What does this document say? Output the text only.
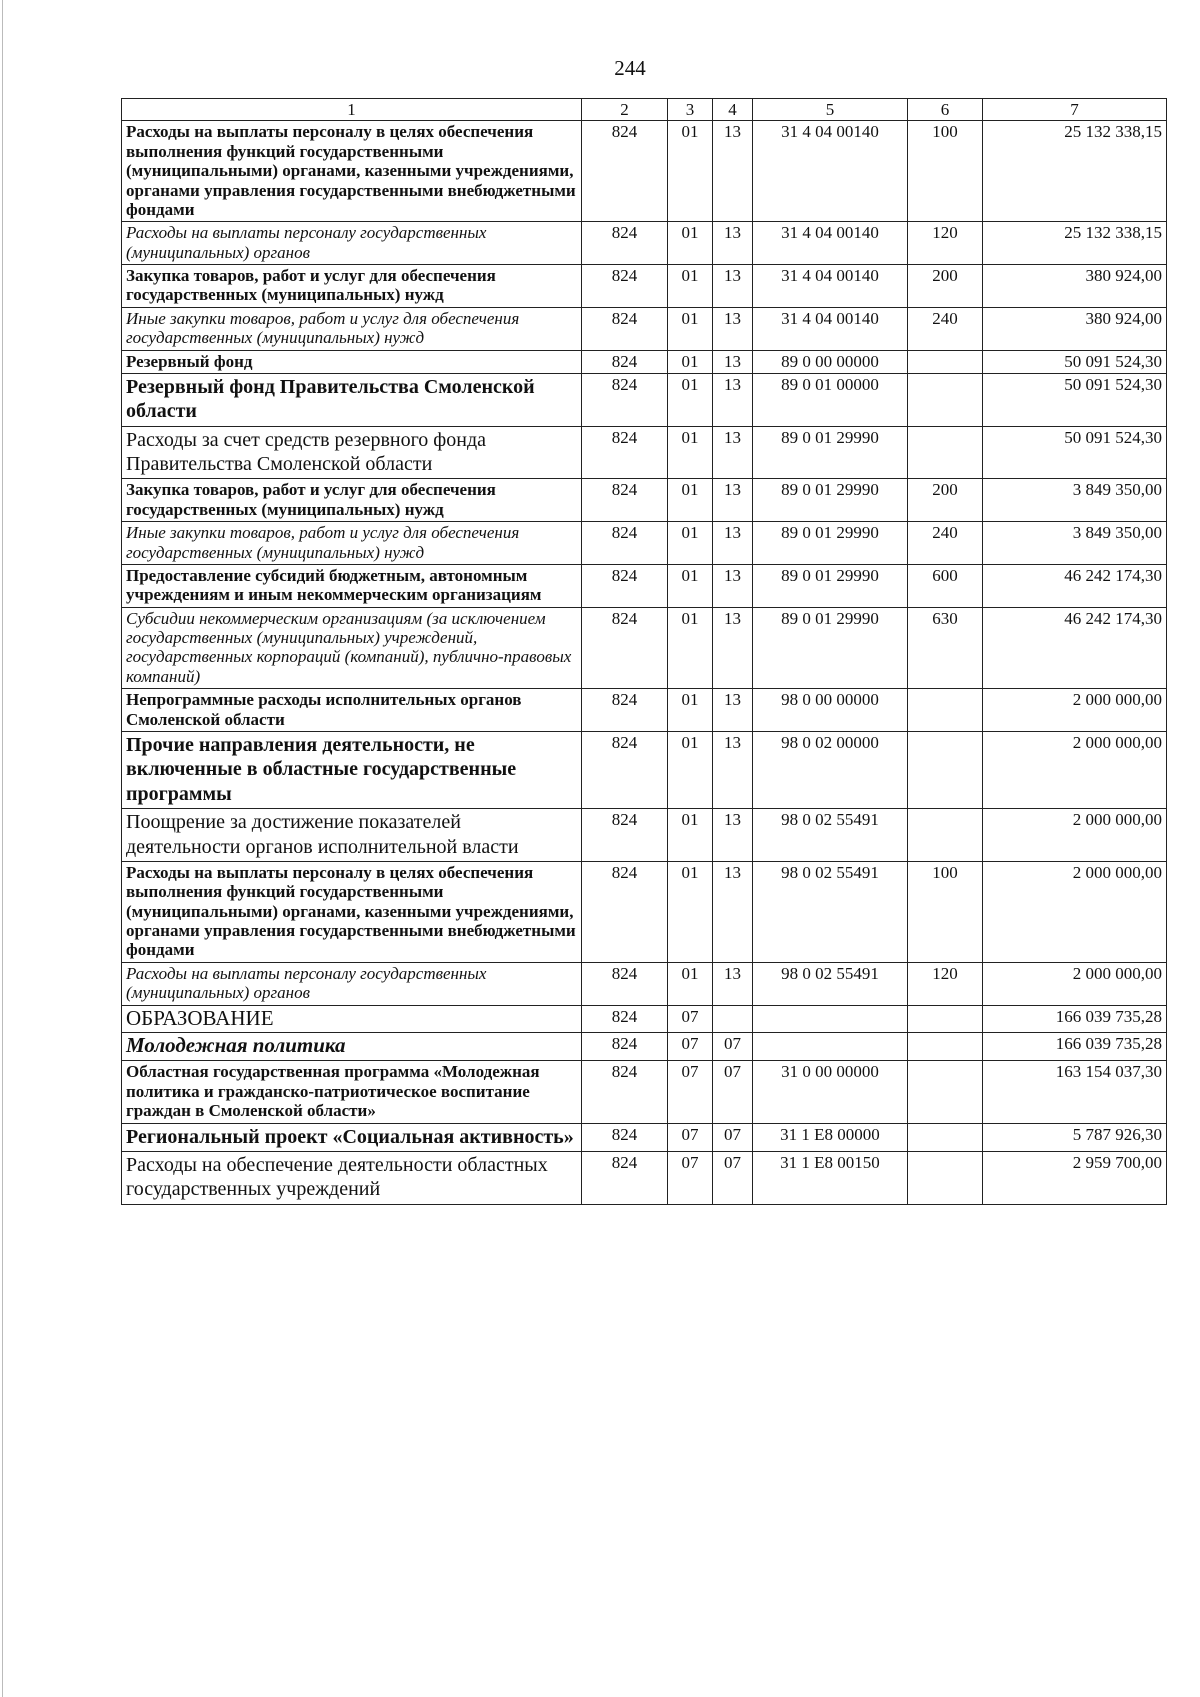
244
1	2	3	4	5	6	7
Расходы на выплаты персоналу в целях обеспечения выполнения функций государственными (муниципальными) органами, казенными учреждениями, органами управления государственными внебюджетными фондами	824	01	13	31 4 04 00140	100	25 132 338,15
Расходы на выплаты персоналу государственных (муниципальных) органов	824	01	13	31 4 04 00140	120	25 132 338,15
Закупка товаров, работ и услуг для обеспечения государственных (муниципальных) нужд	824	01	13	31 4 04 00140	200	380 924,00
Иные закупки товаров, работ и услуг для обеспечения государственных (муниципальных) нужд	824	01	13	31 4 04 00140	240	380 924,00
Резервный фонд	824	01	13	89 0 00 00000		50 091 524,30
Резервный фонд Правительства Смоленской области	824	01	13	89 0 01 00000		50 091 524,30
Расходы за счет средств резервного фонда Правительства Смоленской области	824	01	13	89 0 01 29990		50 091 524,30
Закупка товаров, работ и услуг для обеспечения государственных (муниципальных) нужд	824	01	13	89 0 01 29990	200	3 849 350,00
Иные закупки товаров, работ и услуг для обеспечения государственных (муниципальных) нужд	824	01	13	89 0 01 29990	240	3 849 350,00
Предоставление субсидий бюджетным, автономным учреждениям и иным некоммерческим организациям	824	01	13	89 0 01 29990	600	46 242 174,30
Субсидии некоммерческим организациям (за исключением государственных (муниципальных) учреждений, государственных корпораций (компаний), публично-правовых компаний)	824	01	13	89 0 01 29990	630	46 242 174,30
Непрограммные расходы исполнительных органов Смоленской области	824	01	13	98 0 00 00000		2 000 000,00
Прочие направления деятельности, не включенные в областные государственные программы	824	01	13	98 0 02 00000		2 000 000,00
Поощрение за достижение показателей деятельности органов исполнительной власти	824	01	13	98 0 02 55491		2 000 000,00
Расходы на выплаты персоналу в целях обеспечения выполнения функций государственными (муниципальными) органами, казенными учреждениями, органами управления государственными внебюджетными фондами	824	01	13	98 0 02 55491	100	2 000 000,00
Расходы на выплаты персоналу государственных (муниципальных) органов	824	01	13	98 0 02 55491	120	2 000 000,00
ОБРАЗОВАНИЕ	824	07				166 039 735,28
Молодежная политика	824	07	07			166 039 735,28
Областная государственная программа «Молодежная политика и гражданско-патриотическое воспитание граждан в Смоленской области»	824	07	07	31 0 00 00000		163 154 037,30
Региональный проект «Социальная активность»	824	07	07	31 1 E8 00000		5 787 926,30
Расходы на обеспечение деятельности областных государственных учреждений	824	07	07	31 1 E8 00150		2 959 700,00
